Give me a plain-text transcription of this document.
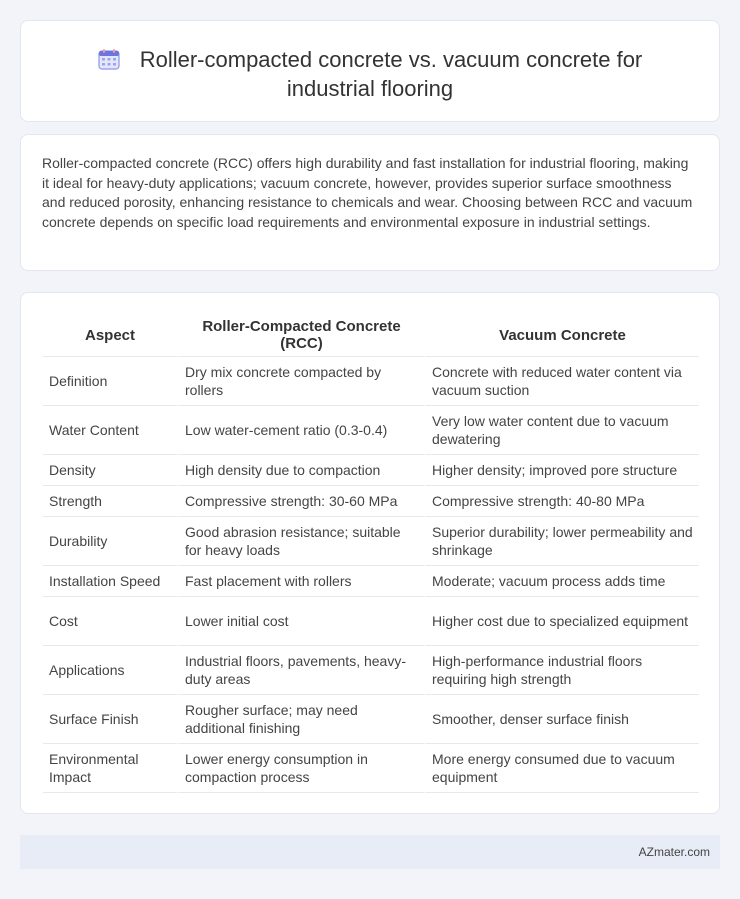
Roller-compacted concrete vs. vacuum concrete for industrial flooring

Roller-compacted concrete (RCC) offers high durability and fast installation for industrial flooring, making it ideal for heavy-duty applications; vacuum concrete, however, provides superior surface smoothness and reduced porosity, enhancing resistance to chemicals and wear. Choosing between RCC and vacuum concrete depends on specific load requirements and environmental exposure in industrial settings.

Aspect	Roller-Compacted Concrete (RCC)	Vacuum Concrete
Definition	Dry mix concrete compacted by rollers	Concrete with reduced water content via vacuum suction
Water Content	Low water-cement ratio (0.3-0.4)	Very low water content due to vacuum dewatering
Density	High density due to compaction	Higher density; improved pore structure
Strength	Compressive strength: 30-60 MPa	Compressive strength: 40-80 MPa
Durability	Good abrasion resistance; suitable for heavy loads	Superior durability; lower permeability and shrinkage
Installation Speed	Fast placement with rollers	Moderate; vacuum process adds time
Cost	Lower initial cost	Higher cost due to specialized equipment
Applications	Industrial floors, pavements, heavy-duty areas	High-performance industrial floors requiring high strength
Surface Finish	Rougher surface; may need additional finishing	Smoother, denser surface finish
Environmental Impact	Lower energy consumption in compaction process	More energy consumed due to vacuum equipment
AZmater.com
